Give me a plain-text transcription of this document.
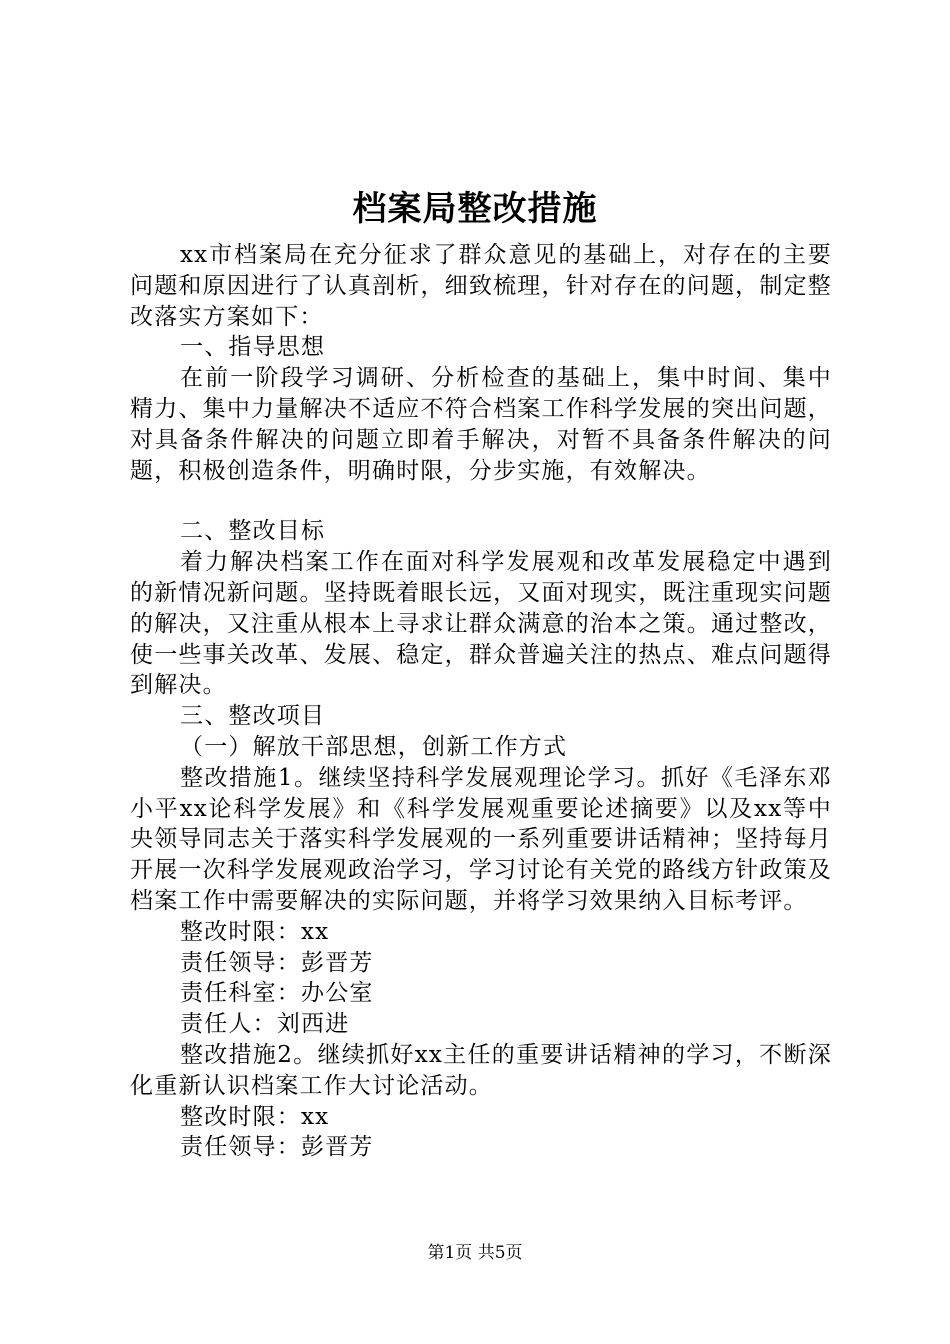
档案局整改措施

xx市档案局在充分征求了群众意见的基础上，对存在的主要问题和原因进行了认真剖析，细致梳理，针对存在的问题，制定整改落实方案如下：

一、指导思想

在前一阶段学习调研、分析检查的基础上，集中时间、集中精力、集中力量解决不适应不符合档案工作科学发展的突出问题，对具备条件解决的问题立即着手解决，对暂不具备条件解决的问题，积极创造条件，明确时限，分步实施，有效解决。

二、整改目标

着力解决档案工作在面对科学发展观和改革发展稳定中遇到的新情况新问题。坚持既着眼长远，又面对现实，既注重现实问题的解决，又注重从根本上寻求让群众满意的治本之策。通过整改，使一些事关改革、发展、稳定，群众普遍关注的热点、难点问题得到解决。

三、整改项目

（一）解放干部思想，创新工作方式

整改措施1。继续坚持科学发展观理论学习。抓好《毛泽东邓小平xx论科学发展》和《科学发展观重要论述摘要》以及xx等中央领导同志关于落实科学发展观的一系列重要讲话精神；坚持每月开展一次科学发展观政治学习，学习讨论有关党的路线方针政策及档案工作中需要解决的实际问题，并将学习效果纳入目标考评。

整改时限：xx

责任领导：彭晋芳

责任科室：办公室

责任人：刘西进

整改措施2。继续抓好xx主任的重要讲话精神的学习，不断深化重新认识档案工作大讨论活动。

整改时限：xx

责任领导：彭晋芳

第1页 共5页
